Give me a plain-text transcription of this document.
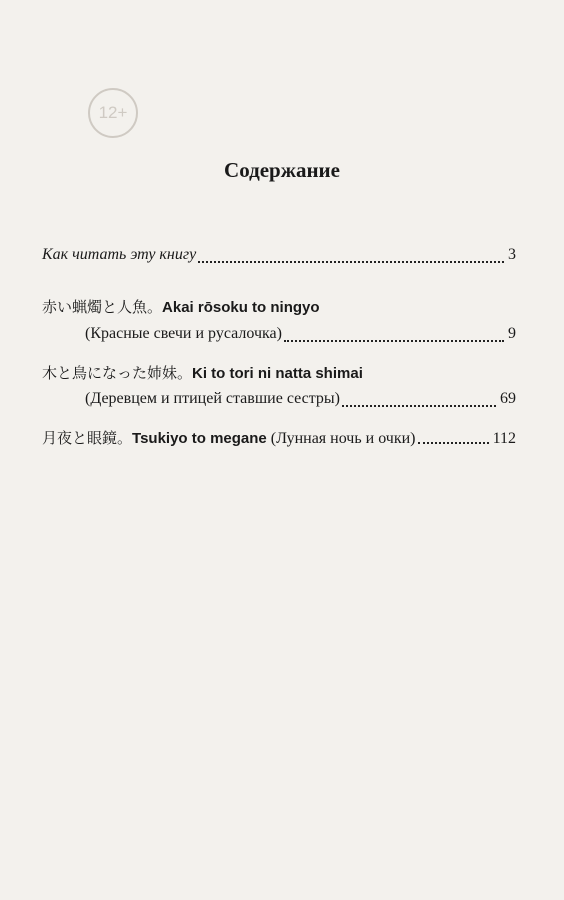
12+
Содержание
Как читать эту книгу	3
赤い蝋燭と人魚。 Akai rōsoku to ningyo
(Красные свечи и русалочка)	9
木と鳥になった姉妹。 Ki to tori ni natta shimai
(Деревцем и птицей ставшие сестры)	69
月夜と眼鏡。 Tsukiyo to megane (Лунная ночь и очки)	112
